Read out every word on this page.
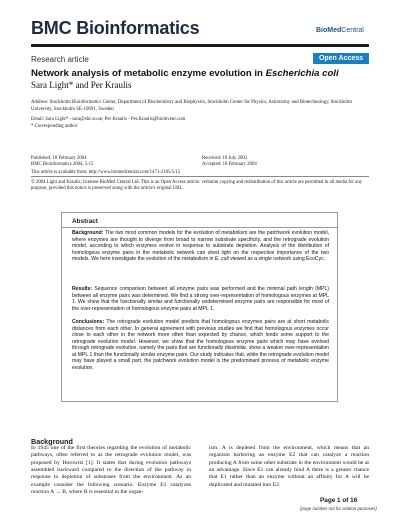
BMC Bioinformatics	BioMedCentral
Research article	Open Access
Network analysis of metabolic enzyme evolution in Escherichia coli
Sara Light* and Per Kraulis
Address: Stockholm Bioinformatics Center, Department of Biochemistry and Biophysics, Stockholm Center for Physics, Astronomy and Biotechnology, Stockholm University, Stockholm SE-10691, Sweden
Email: Sara Light* - sara@sbc.su.se; Per Kraulis - Per.Kraulis@bioinvent.com
* Corresponding author
Published: 18 February 2004
BMC Bioinformatics 2004, 5:15
Received: 18 July 2003
Accepted: 18 February 2004
This article is available from: http://www.biomedcentral.com/1471-2105/5/15
© 2004 Light and Kraulis; licensee BioMed Central Ltd. This is an Open Access article: verbatim copying and redistribution of this article are permitted in all media for any purpose, provided this notice is preserved along with the article's original URL.
Abstract
Background: The two most common models for the evolution of metabolism are the patchwork evolution model, where enzymes are thought to diverge from broad to narrow substrate specificity, and the retrograde evolution model, according to which enzymes evolve in response to substrate depletion. Analysis of the distribution of homologous enzyme pairs in the metabolic network can shed light on the respective importance of the two models. We here investigate the evolution of the metabolism in E. coli viewed as a single network using EcoCyc.
Results: Sequence comparison between all enzyme pairs was performed and the minimal path length (MPL) between all enzyme pairs was determined. We find a strong over-representation of homologous enzymes at MPL 1. We show that the functionally similar and functionally undetermined enzyme pairs are responsible for most of the over-representation of homologous enzyme pairs at MPL 1.
Conclusions: The retrograde evolution model predicts that homologous enzymes pairs are at short metabolic distances from each other. In general agreement with previous studies we find that homologous enzymes occur close to each other in the network more often than expected by chance, which lends some support to the retrograde evolution model. However, we show that the homologous enzyme pairs which may have evolved through retrograde evolution, namely the pairs that are functionally dissimilar, show a weaker over-representation at MPL 1 than the functionally similar enzyme pairs. Our study indicates that, while the retrograde evolution model may have played a small part, the patchwork evolution model is the predominant process of metabolic enzyme evolution.
Background
In 1945 one of the first theories regarding the evolution of metabolic pathways, often referred to as the retrograde evolution model, was proposed by Horowitz [1]. It states that during evolution pathways assembled backward compared to the direction of the pathway in response to depletion of substrates from the environment. As an example consider the following scenario: Enzyme E1 catalyzes reaction A → B, where B is essential to the organ-
ism. A is depleted from the environment, which means that an organism harboring an enzyme E2 that can catalyze a reaction producing A from some other substrate in the environment would be at an advantage. Since E1 can already bind A there is a greater chance that E1 rather than an enzyme without an affinity for A will be duplicated and mutated into E2.
Page 1 of 16
(page number not for citation purposes)
